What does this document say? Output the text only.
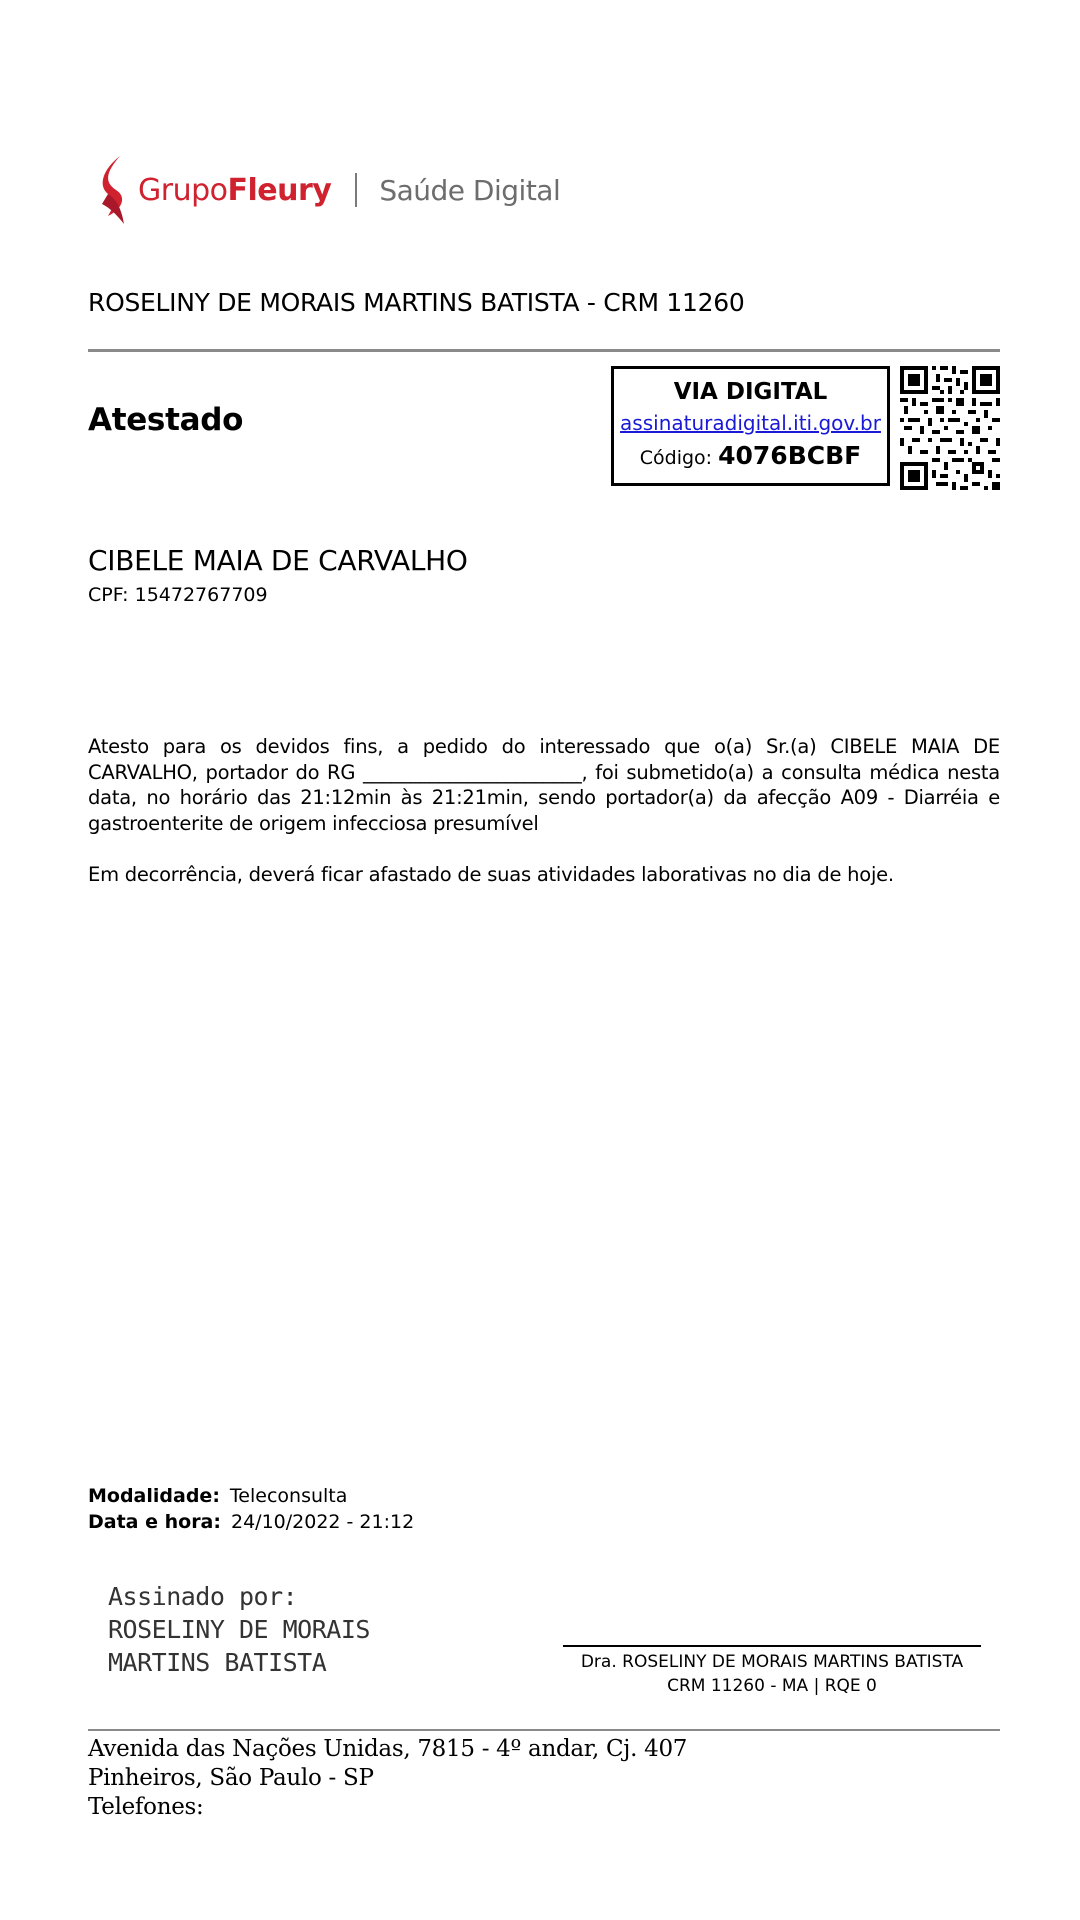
GrupoFleury Saúde Digital
ROSELINY DE MORAIS MARTINS BATISTA - CRM 11260
Atestado
VIA DIGITAL
assinaturadigital.iti.gov.br
Código: 4076BCBF
CIBELE MAIA DE CARVALHO
CPF: 15472767709
Atesto para os devidos fins, a pedido do interessado que o(a) Sr.(a) CIBELE MAIA DE CARVALHO, portador do RG _______________________, foi submetido(a) a consulta médica nesta data, no horário das 21:12min às 21:21min, sendo portador(a) da afecção A09 - Diarréia e gastroenterite de origem infecciosa presumível
Em decorrência, deverá ficar afastado de suas atividades laborativas no dia de hoje.
Modalidade: Teleconsulta
Data e hora: 24/10/2022 - 21:12
Assinado por:
ROSELINY DE MORAIS
MARTINS BATISTA	Dra. ROSELINY DE MORAIS MARTINS BATISTA
CRM 11260 - MA | RQE 0
Avenida das Nações Unidas, 7815 - 4º andar, Cj. 407
Pinheiros, São Paulo - SP
Telefones:
